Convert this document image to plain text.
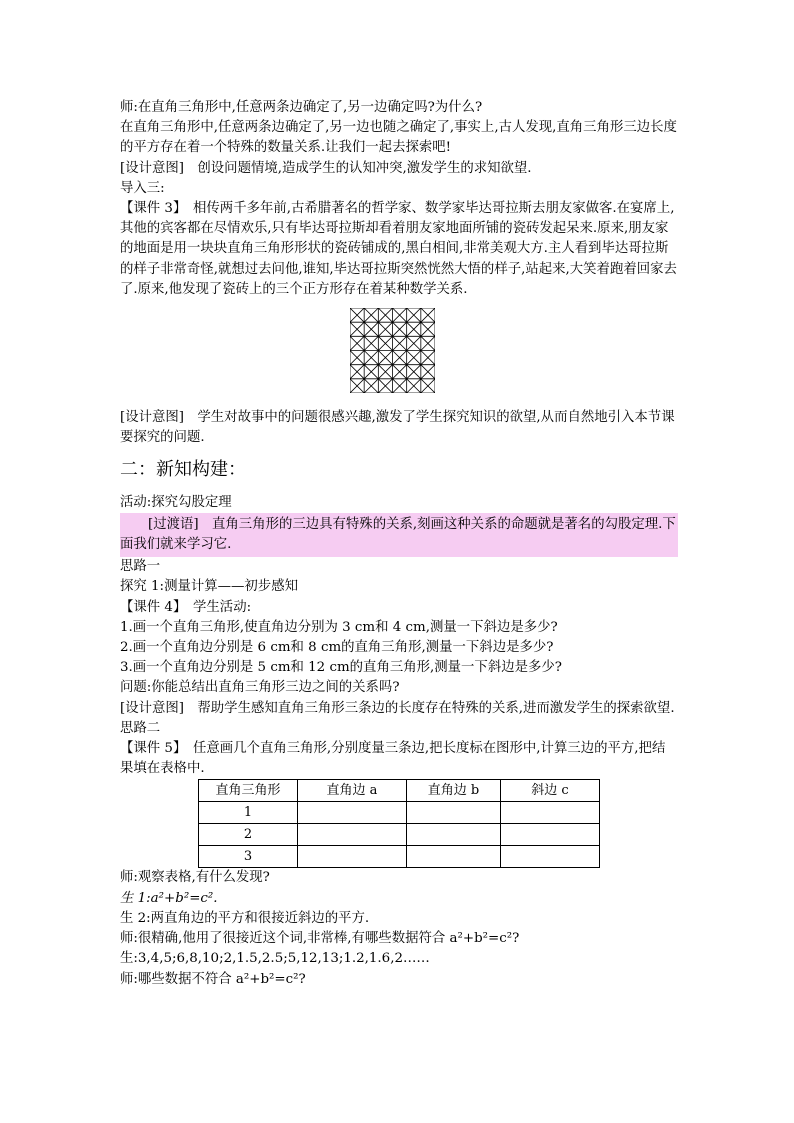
师:在直角三角形中,任意两条边确定了,另一边确定吗?为什么?

在直角三角形中,任意两条边确定了,另一边也随之确定了,事实上,古人发现,直角三角形三边长度的平方存在着一个特殊的数量关系.让我们一起去探索吧!

[设计意图]　创设问题情境,造成学生的认知冲突,激发学生的求知欲望.

导入三:

【课件 3】　相传两千多年前,古希腊著名的哲学家、数学家毕达哥拉斯去朋友家做客.在宴席上,其他的宾客都在尽情欢乐,只有毕达哥拉斯却看着朋友家地面所铺的瓷砖发起呆来.原来,朋友家的地面是用一块块直角三角形形状的瓷砖铺成的,黑白相间,非常美观大方.主人看到毕达哥拉斯的样子非常奇怪,就想过去问他,谁知,毕达哥拉斯突然恍然大悟的样子,站起来,大笑着跑着回家去了.原来,他发现了瓷砖上的三个正方形存在着某种数学关系.

[设计意图]　学生对故事中的问题很感兴趣,激发了学生探究知识的欲望,从而自然地引入本节课要探究的问题.

二：新知构建：

活动:探究勾股定理

[过渡语]　直角三角形的三边具有特殊的关系,刻画这种关系的命题就是著名的勾股定理.下面我们就来学习它.

思路一

探究 1:测量计算——初步感知

【课件 4】　学生活动:

1.画一个直角三角形,使直角边分别为 3 cm和 4 cm,测量一下斜边是多少?

2.画一个直角边分别是 6 cm和 8 cm的直角三角形,测量一下斜边是多少?

3.画一个直角边分别是 5 cm和 12 cm的直角三角形,测量一下斜边是多少?

问题:你能总结出直角三角形三边之间的关系吗?

[设计意图]　帮助学生感知直角三角形三条边的长度存在特殊的关系,进而激发学生的探索欲望.

思路二

【课件 5】　任意画几个直角三角形,分别度量三条边,把长度标在图形中,计算三边的平方,把结果填在表格中.

直角三角形	直角边 a	直角边 b	斜边 c
1			
2			
3			

师:观察表格,有什么发现?

生 1:a²+b²=c².

生 2:两直角边的平方和很接近斜边的平方.

师:很精确,他用了很接近这个词,非常棒,有哪些数据符合 a²+b²=c²?

生:3,4,5;6,8,10;2,1.5,2.5;5,12,13;1.2,1.6,2……

师:哪些数据不符合 a²+b²=c²?
